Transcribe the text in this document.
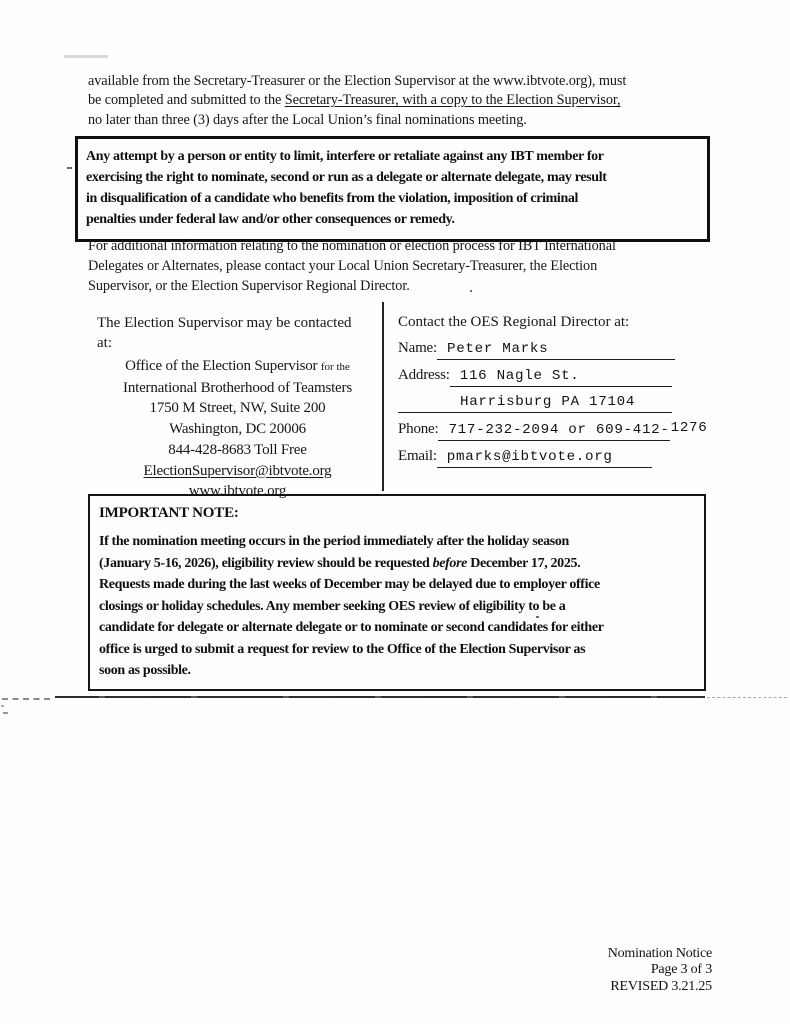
available from the Secretary-Treasurer or the Election Supervisor at the www.ibtvote.org), must
be completed and submitted to the Secretary-Treasurer, with a copy to the Election Supervisor,
no later than three (3) days after the Local Union’s final nominations meeting.
Any attempt by a person or entity to limit, interfere or retaliate against any IBT member for
exercising the right to nominate, second or run as a delegate or alternate delegate, may result
in disqualification of a candidate who benefits from the violation, imposition of criminal
penalties under federal law and/or other consequences or remedy.
For additional information relating to the nomination or election process for IBT International
Delegates or Alternates, please contact your Local Union Secretary-Treasurer, the Election
Supervisor, or the Election Supervisor Regional Director.
The Election Supervisor may be contacted
at:
Office of the Election Supervisor for the
International Brotherhood of Teamsters
1750 M Street, NW, Suite 200
Washington, DC 20006
844-428-8683 Toll Free
ElectionSupervisor@ibtvote.org
www.ibtvote.org
Contact the OES Regional Director at:
Name: Peter Marks
Address: 116 Nagle St.
Harrisburg PA 17104
Phone: 717-232-2094 or 609-412- 1276
Email: pmarks@ibtvote.org
IMPORTANT NOTE:
If the nomination meeting occurs in the period immediately after the holiday season
(January 5-16, 2026), eligibility review should be requested before December 17, 2025.
Requests made during the last weeks of December may be delayed due to employer office
closings or holiday schedules. Any member seeking OES review of eligibility to be a
candidate for delegate or alternate delegate or to nominate or second candidates for either
office is urged to submit a request for review to the Office of the Election Supervisor as
soon as possible.
Nomination Notice
Page 3 of 3
REVISED 3.21.25
